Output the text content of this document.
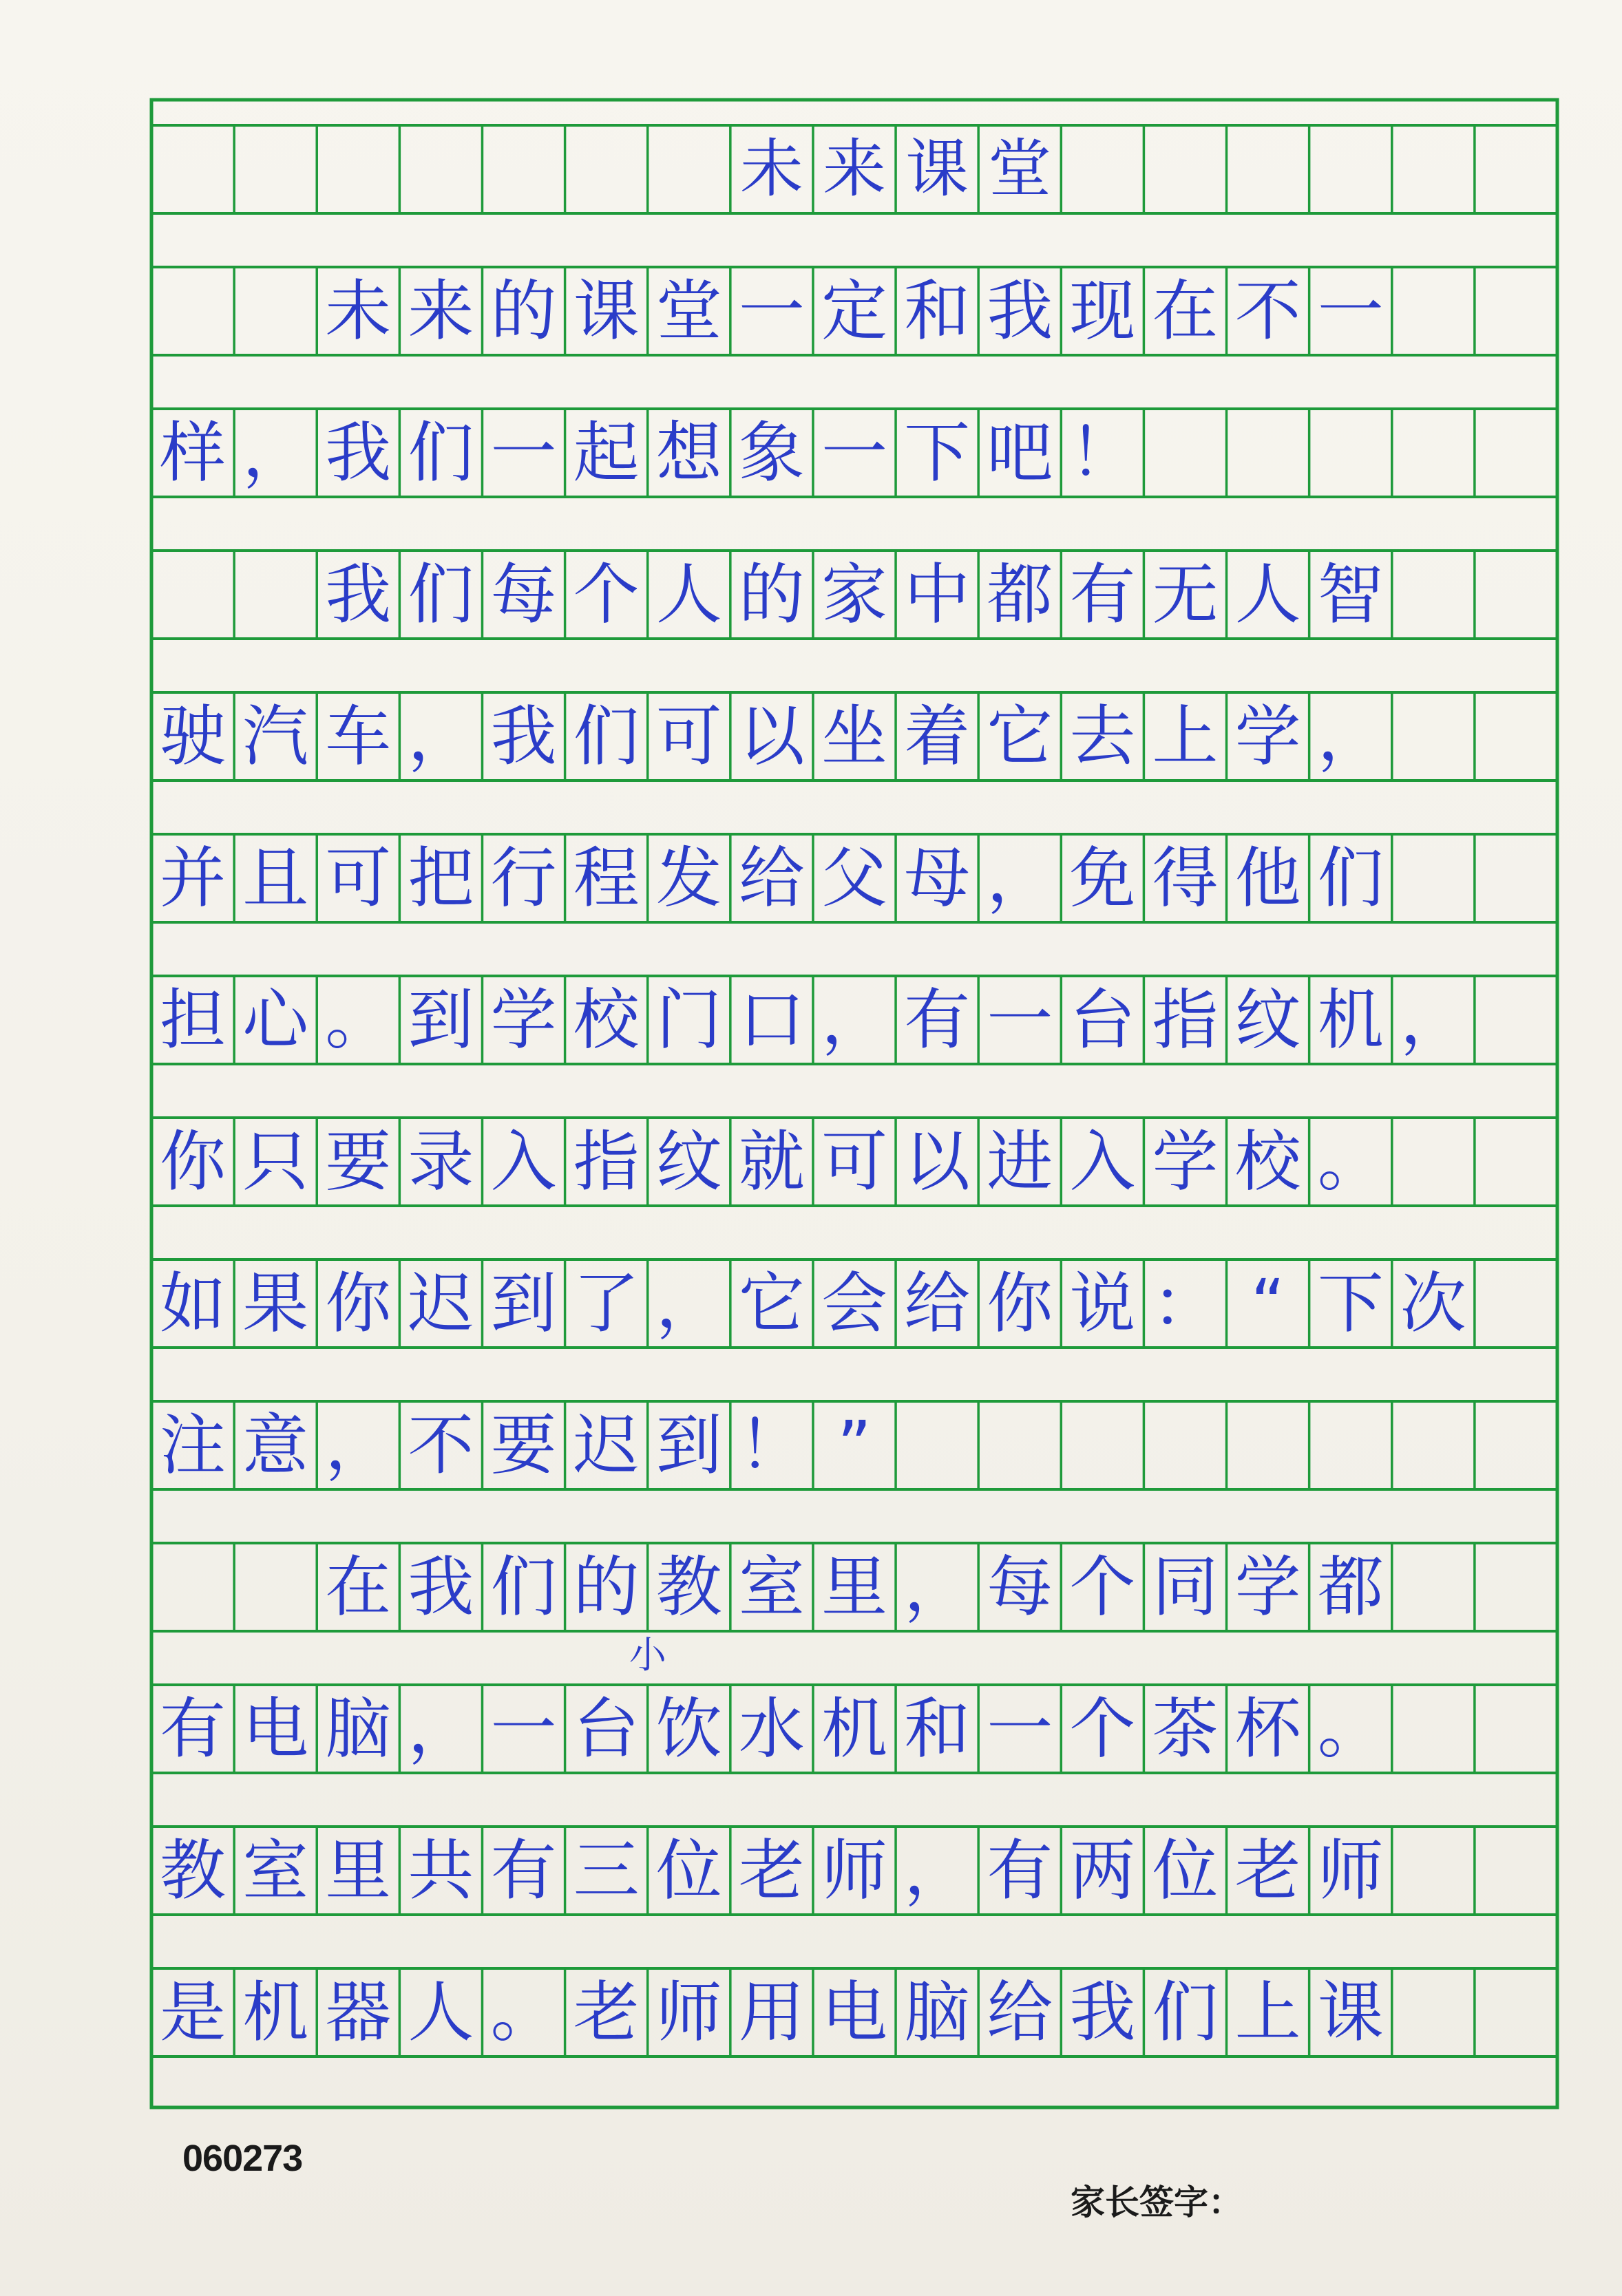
未 来 课 堂
未 来 的 课 堂 一 定 和 我 现 在 不 一
样 ， 我 们 一 起 想 象 一 下 吧 ！
我 们 每 个 人 的 家 中 都 有 无 人 智
驶 汽 车 ， 我 们 可 以 坐 着 它 去 上 学 ，
并 且 可 把 行 程 发 给 父 母 ， 免 得 他 们
担 心 。 到 学 校 门 口 ， 有 一 台 指 纹 机 ，
你 只 要 录 入 指 纹 就 可 以 进 入 学 校 。
如 果 你 迟 到 了 ， 它 会 给 你 说 ： “ 下 次
注 意 ， 不 要 迟 到 ！ ”
在 我 们 的 教 室 里 ， 每 个 同 学 都
有 电 脑 ， 一 台 饮 水 机 和 一 个 茶 杯 。
教 室 里 共 有 三 位 老 师 ， 有 两 位 老 师
是 机 器 人 。 老 师 用 电 脑 给 我 们 上 课
小
060273
家长签字：
